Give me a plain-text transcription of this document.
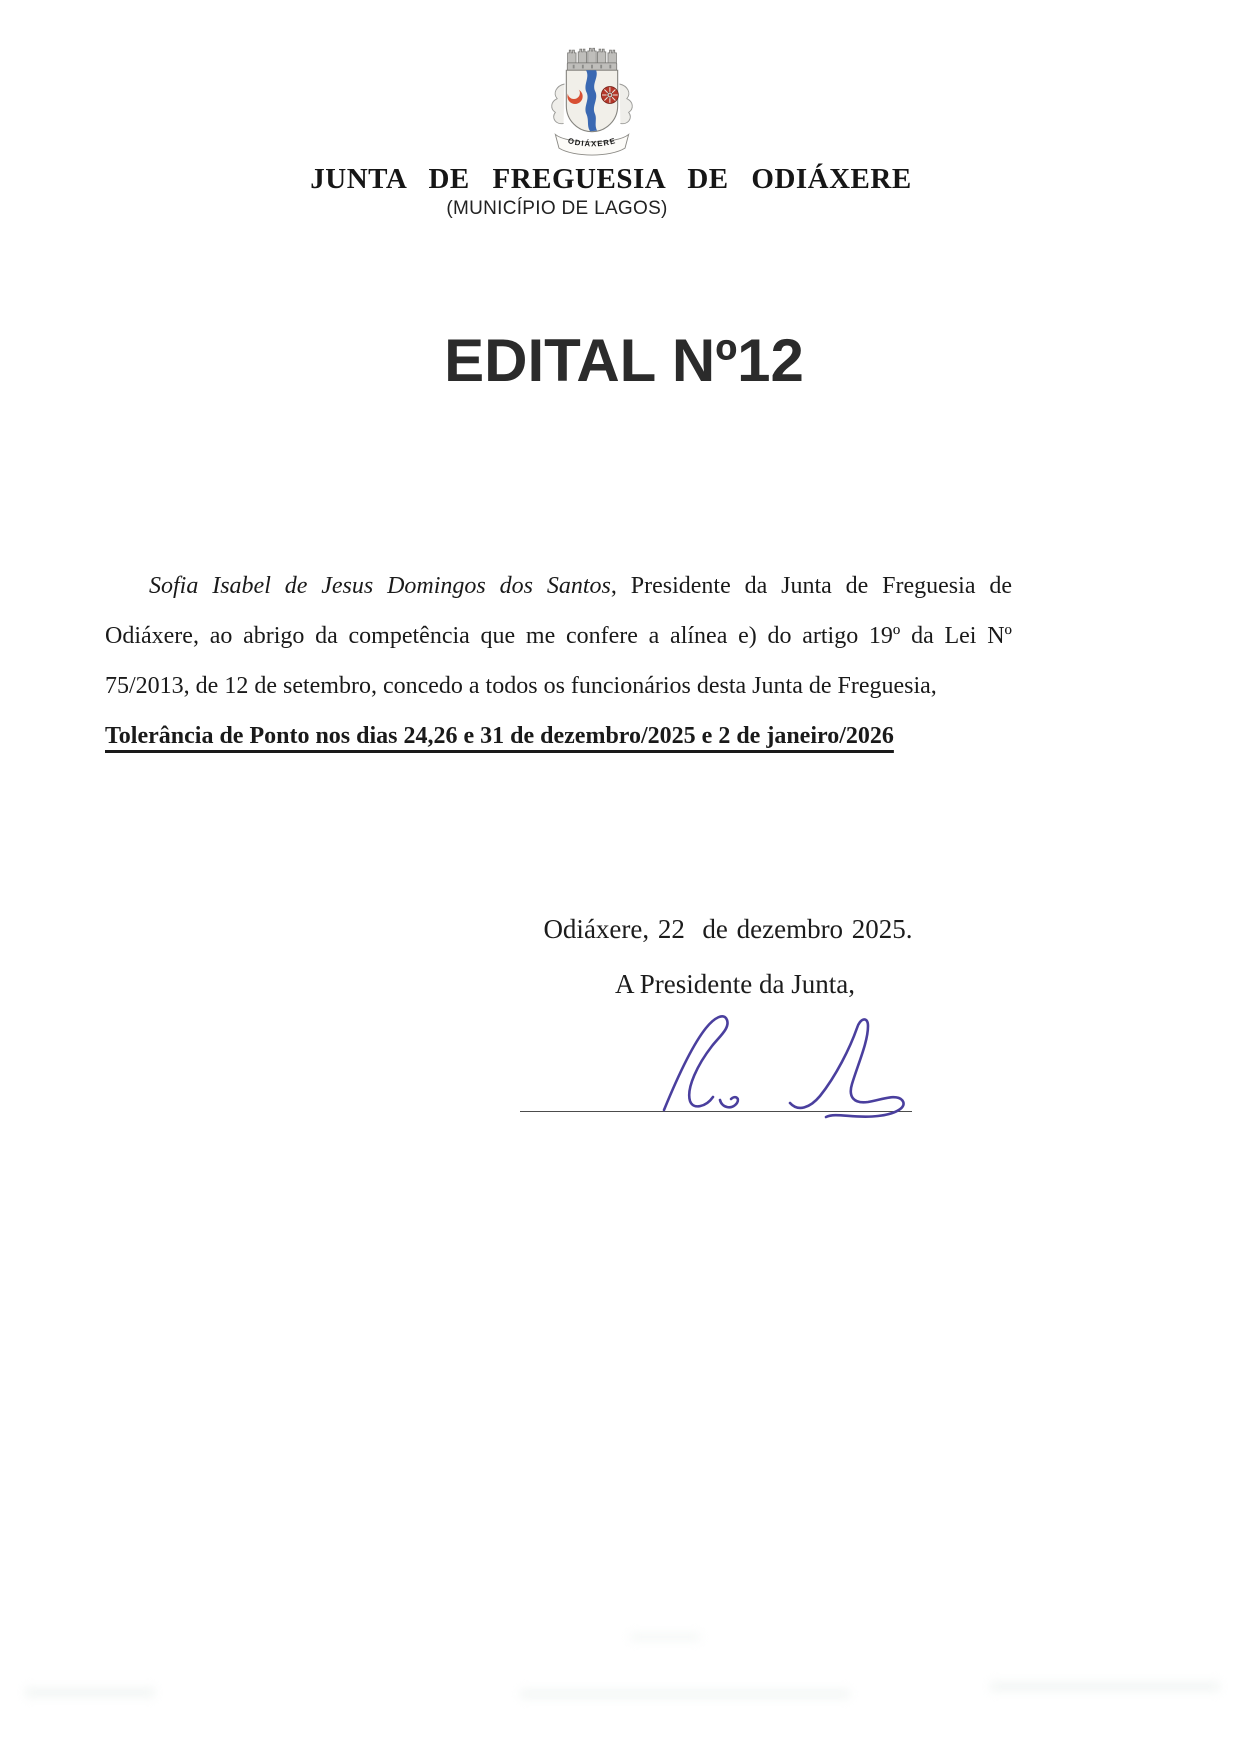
ODIÁXERE
JUNTA DE FREGUESIA DE ODIÁXERE
(MUNICÍPIO DE LAGOS)
EDITAL Nº12

Sofia Isabel de Jesus Domingos dos Santos, Presidente da Junta de Freguesia de Odiáxere, ao abrigo da competência que me confere a alínea e) do artigo 19º da Lei Nº 75/2013, de 12 de setembro, concedo a todos os funcionários desta Junta de Freguesia,

Tolerância de Ponto nos dias 24,26 e 31 de dezembro/2025 e 2 de janeiro/2026
Odiáxere, 22  de dezembro 2025.
A Presidente da Junta,
